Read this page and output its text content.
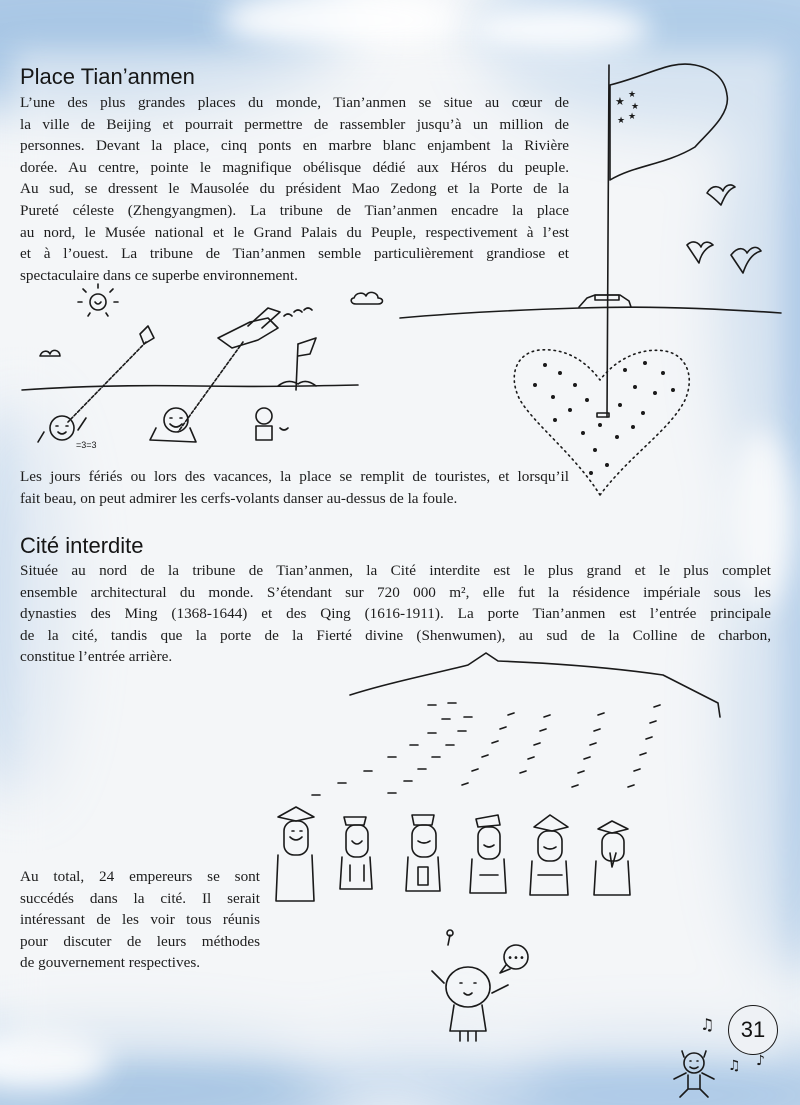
Place Tian’anmen
L’une des plus grandes places du monde, Tian’anmen se situe au cœur de
la ville de Beijing et pourrait permettre de rassembler jusqu’à un million de
personnes. Devant la place, cinq ponts en marbre blanc enjambent la Rivière
dorée. Au centre, pointe le magnifique obélisque dédié aux Héros du peuple.
Au sud, se dressent le Mausolée du président Mao Zedong et la Porte de la
Pureté céleste (Zhengyangmen). La tribune de Tian’anmen encadre la place
au nord, le Musée national et le Grand Palais du Peuple, respectivement à l’est
et à l’ouest. La tribune de Tian’anmen semble particulièrement grandiose et
spectaculaire dans ce superbe environnement.
★ ★
★
★
★
=3=3
Les jours fériés ou lors des vacances, la place se remplit de touristes, et lorsqu’il
fait beau, on peut admirer les cerfs-volants danser au-dessus de la foule.
Cité interdite
Située au nord de la tribune de Tian’anmen, la Cité interdite est le plus grand et le plus complet
ensemble architectural du monde. S’étendant sur 720 000 m², elle fut la résidence impériale sous les
dynasties des Ming (1368-1644) et des Qing (1616-1911). La porte Tian’anmen est l’entrée principale
de la cité, tandis que la porte de la Fierté divine (Shenwumen), au sud de la Colline de charbon,
constitue l’entrée arrière.
•••
Au total, 24 empereurs se sont
succédés dans la cité. Il serait
intéressant de les voir tous réunis
pour discuter de leurs méthodes
de gouvernement respectives.
♫
♫ ♪
31
